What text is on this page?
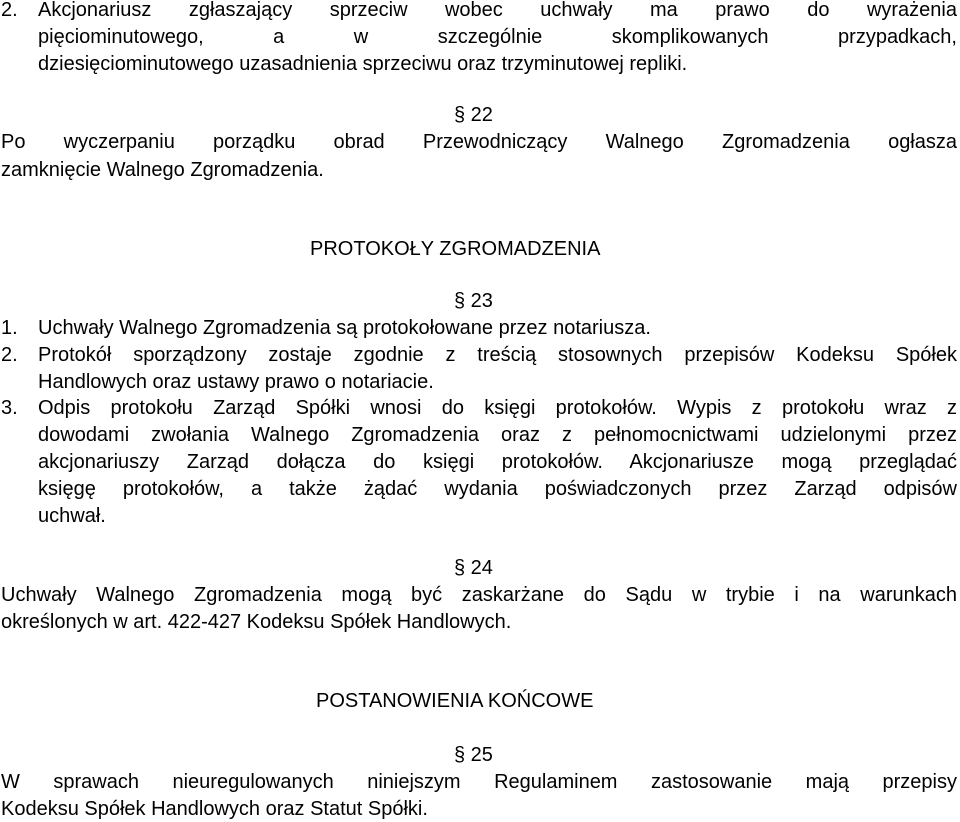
2. Akcjonariusz zgłaszający sprzeciw wobec uchwały ma prawo do wyrażenia
pięciominutowego, a w szczególnie skomplikowanych przypadkach,
dziesięciominutowego uzasadnienia sprzeciwu oraz trzyminutowej repliki.
§ 22
Po wyczerpaniu porządku obrad Przewodniczący Walnego Zgromadzenia ogłasza
zamknięcie Walnego Zgromadzenia.
PROTOKOŁY ZGROMADZENIA
§ 23
1. Uchwały Walnego Zgromadzenia są protokołowane przez notariusza.
2. Protokół sporządzony zostaje zgodnie z treścią stosownych przepisów Kodeksu Spółek
Handlowych oraz ustawy prawo o notariacie.
3. Odpis protokołu Zarząd Spółki wnosi do księgi protokołów. Wypis z protokołu wraz z
dowodami zwołania Walnego Zgromadzenia oraz z pełnomocnictwami udzielonymi przez
akcjonariuszy Zarząd dołącza do księgi protokołów. Akcjonariusze mogą przeglądać
księgę protokołów, a także żądać wydania poświadczonych przez Zarząd odpisów
uchwał.
§ 24
Uchwały Walnego Zgromadzenia mogą być zaskarżane do Sądu w trybie i na warunkach
określonych w art. 422-427 Kodeksu Spółek Handlowych.
POSTANOWIENIA KOŃCOWE
§ 25
W sprawach nieuregulowanych niniejszym Regulaminem zastosowanie mają przepisy
Kodeksu Spółek Handlowych oraz Statut Spółki.
